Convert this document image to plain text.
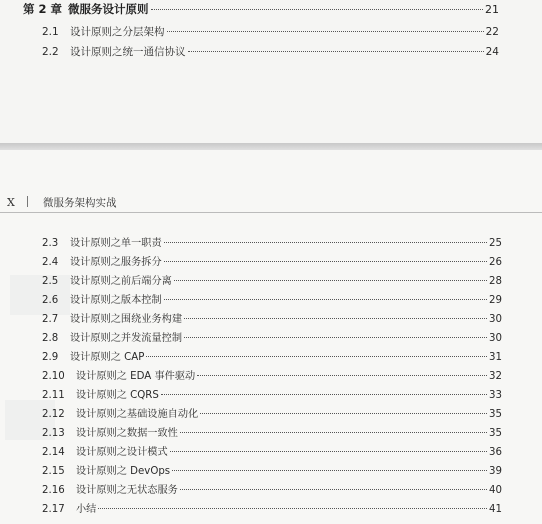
第 2 章 微服务设计原则	21
2.1	设计原则之分层架构	22
2.2	设计原则之统一通信协议	24
X	微服务架构实战
2.3	设计原则之单一职责	25
2.4	设计原则之服务拆分	26
2.5	设计原则之前后端分离	28
2.6	设计原则之版本控制	29
2.7	设计原则之围绕业务构建	30
2.8	设计原则之并发流量控制	30
2.9	设计原则之 CAP	31
2.10	设计原则之 EDA 事件驱动	32
2.11	设计原则之 CQRS	33
2.12	设计原则之基础设施自动化	35
2.13	设计原则之数据一致性	35
2.14	设计原则之设计模式	36
2.15	设计原则之 DevOps	39
2.16	设计原则之无状态服务	40
2.17	小结	41
